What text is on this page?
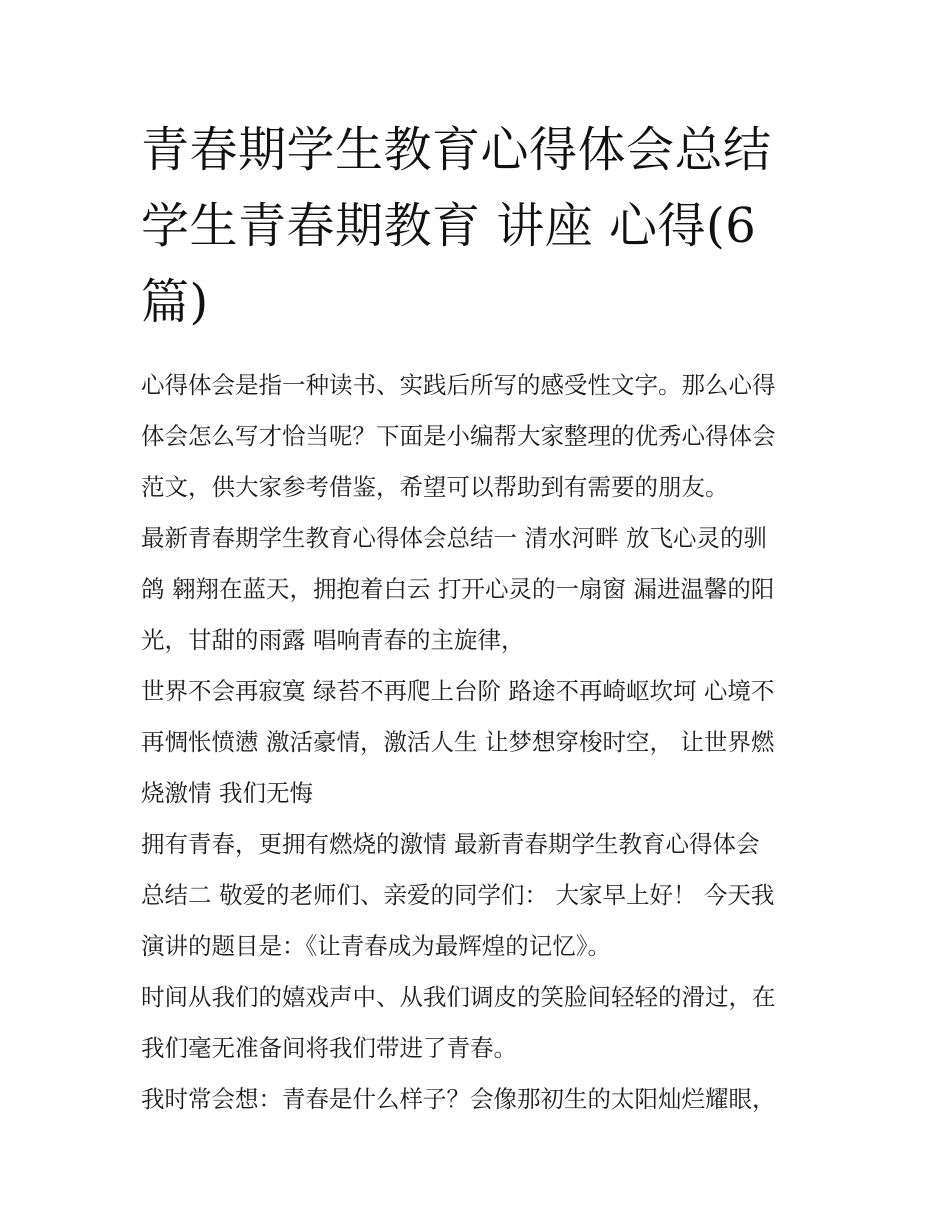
青春期学生教育心得体会总结
学生青春期教育 讲座 心得(6
篇)

心得体会是指一种读书、实践后所写的感受性文字。那么心得
体会怎么写才恰当呢？下面是小编帮大家整理的优秀心得体会
范文，供大家参考借鉴，希望可以帮助到有需要的朋友。

最新青春期学生教育心得体会总结一 清水河畔 放飞心灵的驯
鸽 翱翔在蓝天，拥抱着白云 打开心灵的一扇窗 漏进温馨的阳
光，甘甜的雨露 唱响青春的主旋律，

世界不会再寂寞 绿苔不再爬上台阶 路途不再崎岖坎坷 心境不
再惆怅愤懑 激活豪情，激活人生 让梦想穿梭时空， 让世界燃
烧激情 我们无悔

拥有青春，更拥有燃烧的激情 最新青春期学生教育心得体会
总结二 敬爱的老师们、亲爱的同学们： 大家早上好！ 今天我
演讲的题目是：《让青春成为最辉煌的记忆》。

时间从我们的嬉戏声中、从我们调皮的笑脸间轻轻的滑过，在
我们毫无准备间将我们带进了青春。

我时常会想：青春是什么样子？会像那初生的太阳灿烂耀眼，
